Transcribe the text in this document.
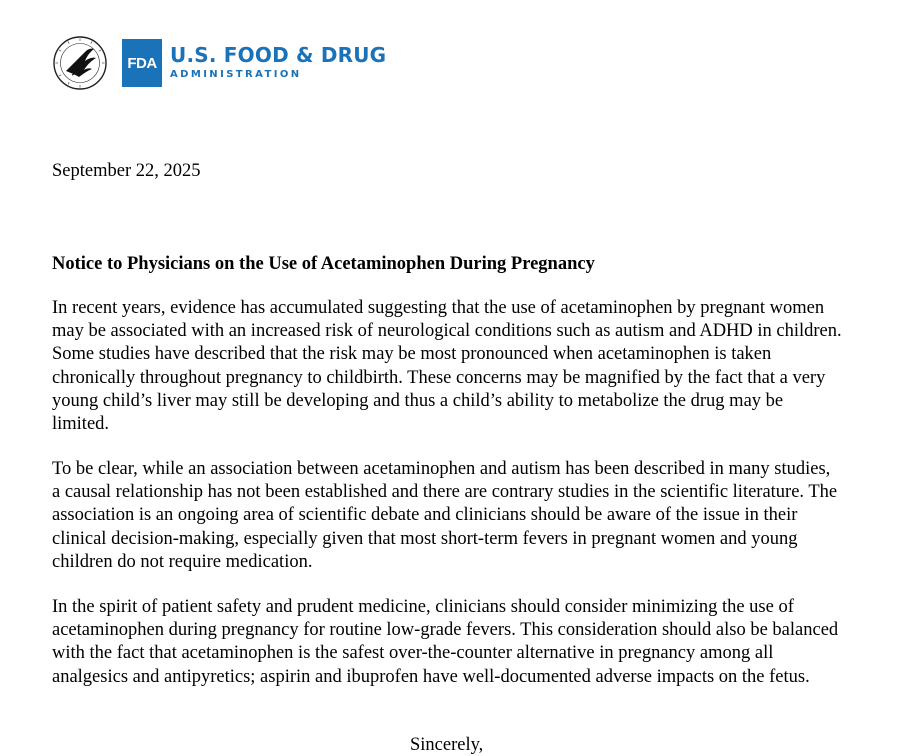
FDA U.S. FOOD & DRUG
ADMINISTRATION
September 22, 2025
Notice to Physicians on the Use of Acetaminophen During Pregnancy

In recent years, evidence has accumulated suggesting that the use of acetaminophen by pregnant women may be associated with an increased risk of neurological conditions such as autism and ADHD in children. Some studies have described that the risk may be most pronounced when acetaminophen is taken chronically throughout pregnancy to childbirth. These concerns may be magnified by the fact that a very young child’s liver may still be developing and thus a child’s ability to metabolize the drug may be limited.

To be clear, while an association between acetaminophen and autism has been described in many studies, a causal relationship has not been established and there are contrary studies in the scientific literature. The association is an ongoing area of scientific debate and clinicians should be aware of the issue in their clinical decision-making, especially given that most short-term fevers in pregnant women and young children do not require medication.

In the spirit of patient safety and prudent medicine, clinicians should consider minimizing the use of acetaminophen during pregnancy for routine low-grade fevers. This consideration should also be balanced with the fact that acetaminophen is the safest over-the-counter alternative in pregnancy among all analgesics and antipyretics; aspirin and ibuprofen have well-documented adverse impacts on the fetus.

Sincerely,
